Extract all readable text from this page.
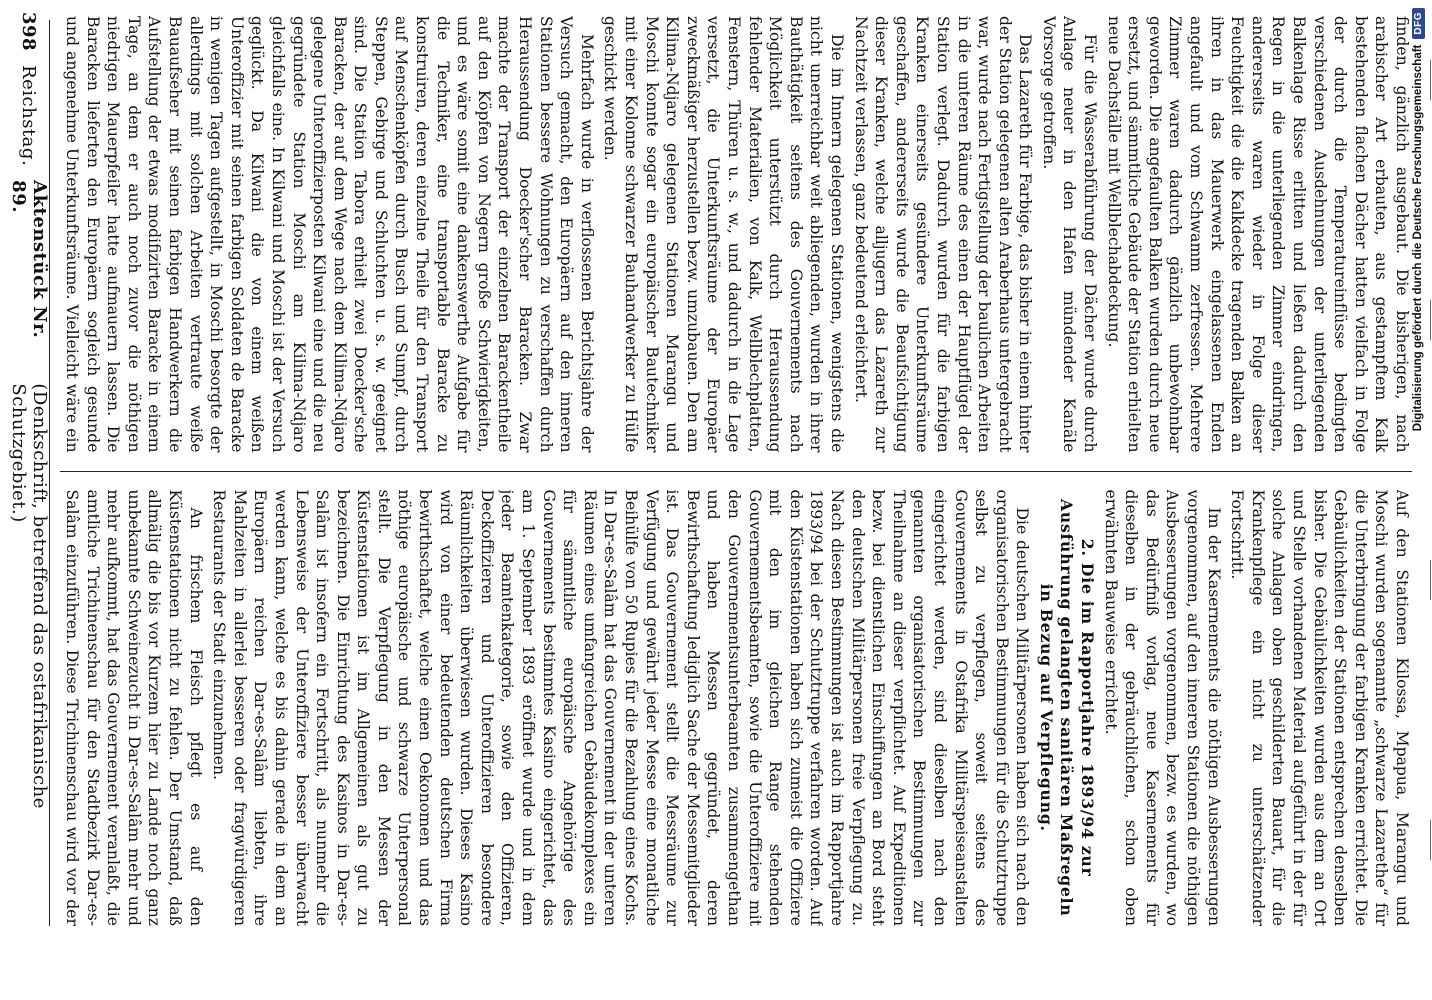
finden, gänzlich ausgebaut. Die bisherigen, nach arabischer Art erbauten, aus gestampftem Kalk bestehenden flachen Dächer hatten vielfach in Folge der durch die Temperatureinflüsse bedingten verschiedenen Ausdehnungen der unterliegenden Balkenlage Risse erlitten und ließen dadurch den Regen in die unterliegenden Zimmer eindringen, andererseits waren wieder in Folge dieser Feuchtigkeit die die Kalkdecke tragenden Balken an ihren in das Mauerwerk eingelassenen Enden angefault und vom Schwamm zerfressen. Mehrere Zimmer waren dadurch gänzlich unbewohnbar geworden. Die angefaulten Balken wurden durch neue ersetzt, und sämmtliche Gebäude der Station erhielten neue Dachställe mit Wellblechabdeckung.

Für die Wasserabführung der Dächer wurde durch Anlage neuer in den Hafen mündender Kanäle Vorsorge getroffen.

Das Lazareth für Farbige, das bisher in einem hinter der Station gelegenen alten Araberhaus untergebracht war, wurde nach Fertigstellung der baulichen Arbeiten in die unteren Räume des einen der Hauptflügel der Station verlegt. Dadurch wurden für die farbigen Kranken einerseits gesündere Unterkunftsräume geschaffen, andererseits wurde die Beaufsichtigung dieser Kranken, welche alljugern das Lazareth zur Nachtzeit verlassen, ganz bedeutend erleichtert.

Die im Innern gelegenen Stationen, wenigstens die nicht unerreichbar weit abliegenden, wurden in ihrer Bauthätigkeit seitens des Gouvernements nach Möglichkeit unterstützt durch Heraussendung fehlender Materialien, von Kalk, Wellblechplatten, Fenstern, Thüren u. s. w., und dadurch in die Lage versetzt, die Unterkunftsräume der Europäer zweckmäßiger herzustellen bezw. umzubauen. Den am Kilima-Ndjaro gelegenen Stationen Marangu und Moschi konnte sogar ein europäischer Bautechniker mit einer Kolonne schwarzer Bauhandwerker zu Hülfe geschickt werden.

Mehrfach wurde in verflossenen Berichtsjahre der Versuch gemacht, den Europäern auf den inneren Stationen bessere Wohnungen zu verschaffen durch Heraussendung Doecker'scher Baracken. Zwar machte der Transport der einzelnen Barackentheile auf den Köpfen von Negern große Schwierigkeiten, und es wäre somit eine dankenswerthe Aufgabe für die Techniker, eine transportable Baracke zu konstruiren, deren einzelne Theile für den Transport auf Menschenköpfen durch Busch und Sumpf, durch Steppen, Gebirge und Schluchten u. s. w. geeignet sind. Die Station Tabora erhielt zwei Doecker'sche Baracken, der auf dem Wege nach dem Kilima-Ndjaro gelegene Unteroffizierposten Kilwani eine und die neu gegründete Station Moschi am Kilima-Ndjaro gleichfalls eine. In Kilwani und Moschi ist der Versuch geglückt. Da Kilwani die von einem weißen Unteroffizier mit seinen farbigen Soldaten de Baracke in wenigen Tagen aufgestellt, in Moschi besorgte der allerdings mit solchen Arbeiten vertraute weiße Bauaufseher mit seinen farbigen Handwerkern die Aufstellung der etwas modifizirten Baracke in einem Tage, an dem er auch noch zuvor die nöthigen niedrigen Mauerpfeiler hatte aufmauern lassen. Die Baracken lieferten den Europäern sogleich gesunde und angenehme Unterkunftsräume. Vielleicht wäre ein

Auf den Stationen Kilossa, Mpapua, Marangu und Moschi wurden sogenannte „schwarze Lazarethe“ für die Unterbringung der farbigen Kranken errichtet. Die Gebäulichkeiten der Stationen entsprechen denselben bisher. Die Gebäulichkeiten wurden aus dem an Ort und Stelle vorhandenen Material aufgeführt in der für solche Anlagen oben geschilderten Bauart, für die Krankenpflege ein nicht zu unterschätzender Fortschritt.

Im der Kasernements die nöthigen Ausbesserungen vorgenommen, auf den inneren Stationen die nöthigen Ausbesserungen vorgenommen, bezw. es wurden, wo das Bedürfniß vorlag, neue Kasernements für dieselben in der gebräuchlichen, schon oben erwähnten Bauweise errichtet.

2. Die im Rapportjahre 1893/94 zur Ausführung gelangten sanitären Maßregeln in Bezug auf Verpflegung.

Die deutschen Militärpersonen haben sich nach den organisatorischen Bestimmungen für die Schutztruppe selbst zu verpflegen, soweit seitens des Gouvernements in Ostafrika Militärspeiseanstalten eingerichtet werden, sind dieselben nach den genannten organisatorischen Bestimmungen zur Theilnahme an dieser verpflichtet. Auf Expeditionen bezw. bei dienstlichen Einschiffungen an Bord steht den deutschen Militärpersonen freie Verpflegung zu. Nach diesen Bestimmungen ist auch im Rapportjahre 1893/94 bei der Schutztruppe verfahren worden. Auf den Küstenstationen haben sich zumeist die Offiziere mit den im gleichen Range stehenden Gouvernementsbeamten, sowie die Unteroffiziere mit den Gouvernementsunterbeamten zusammengethan und haben Messen gegründet, deren Bewirthschaftung lediglich Sache der Messemitglieder ist. Das Gouvernement stellt die Messräume zur Verfügung und gewährt jeder Messe eine monatliche Beihülfe von 50 Rupies für die Bezahlung eines Kochs. In Dar-es-Salâm hat das Gouvernement in der unteren Räumen eines umfangreichen Gebäudekomplexes ein für sämmtliche europäische Angehörige des Gouvernements bestimmtes Kasino eingerichtet, das am 1. September 1893 eröffnet wurde und in dem jeder Beamtenkategorie, sowie den Offizieren, Deckoffizieren und Unteroffizieren besondere Räumlichkeiten überwiesen wurden. Dieses Kasino wird von einer bedeutenden deutschen Firma bewirthschaftet, welche einen Oekonomen und das nöthige europäische und schwarze Unterpersonal stellt. Die Verpflegung in den Messen der Küstenstationen ist im Allgemeinen als gut zu bezeichnen. Die Einrichtung des Kasinos in Dar-es-Salâm ist insofern ein Fortschritt, als nunmehr die Lebensweise der Unteroffiziere besser überwacht werden kann, welche es bis dahin gerade in dem an Europäern reichen Dar-es-Salâm liebten, ihre Mahlzeiten in allerlei besseren oder fragwürdigeren Restaurants der Stadt einzunehmen.

An frischem Fleisch pflegt es auf den Küstenstationen nicht zu fehlen. Der Umstand, daß allmälig die bis vor Kurzem hier zu Lande noch ganz unbekannte Schweinezucht in Dar-es-Salâm mehr und mehr aufkommt, hat das Gouvernement veranlaßt, die amtliche Trichinenschau für den Stadtbezirk Dar-es-Salâm einzuführen. Diese Trichinenschau wird vor der

398
Reichstag.
Aktenstück Nr. 89.
(Denkschrift, betreffend das ostafrikanische Schutzgebiet.)
Digitalisierung gefördert durch die Deutsche Forschungsgemeinschaft
DFG
